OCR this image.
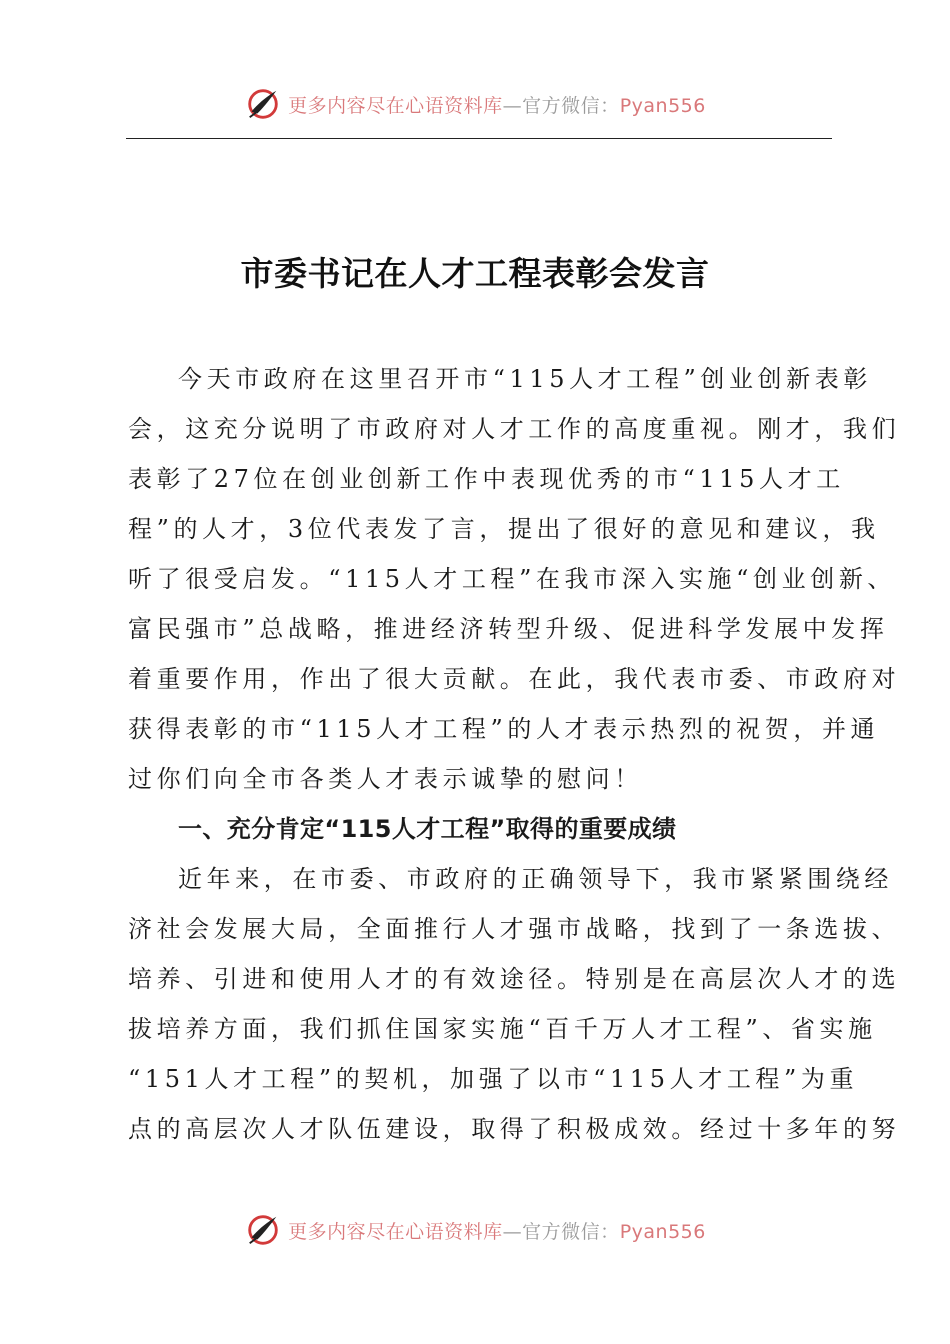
更多内容尽在心语资料库—官方微信：Pyan556
市委书记在人才工程表彰会发言
今天市政府在这里召开市“115人才工程”创业创新表彰
会，这充分说明了市政府对人才工作的高度重视。刚才，我们
表彰了27位在创业创新工作中表现优秀的市“115人才工
程”的人才，3位代表发了言，提出了很好的意见和建议，我
听了很受启发。“115人才工程”在我市深入实施“创业创新、
富民强市”总战略，推进经济转型升级、促进科学发展中发挥
着重要作用，作出了很大贡献。在此，我代表市委、市政府对
获得表彰的市“115人才工程”的人才表示热烈的祝贺，并通
过你们向全市各类人才表示诚挚的慰问！
一、充分肯定“115人才工程”取得的重要成绩
近年来，在市委、市政府的正确领导下，我市紧紧围绕经
济社会发展大局，全面推行人才强市战略，找到了一条选拔、
培养、引进和使用人才的有效途径。特别是在高层次人才的选
拔培养方面，我们抓住国家实施“百千万人才工程”、省实施
“151人才工程”的契机，加强了以市“115人才工程”为重
点的高层次人才队伍建设，取得了积极成效。经过十多年的努
更多内容尽在心语资料库—官方微信：Pyan556
